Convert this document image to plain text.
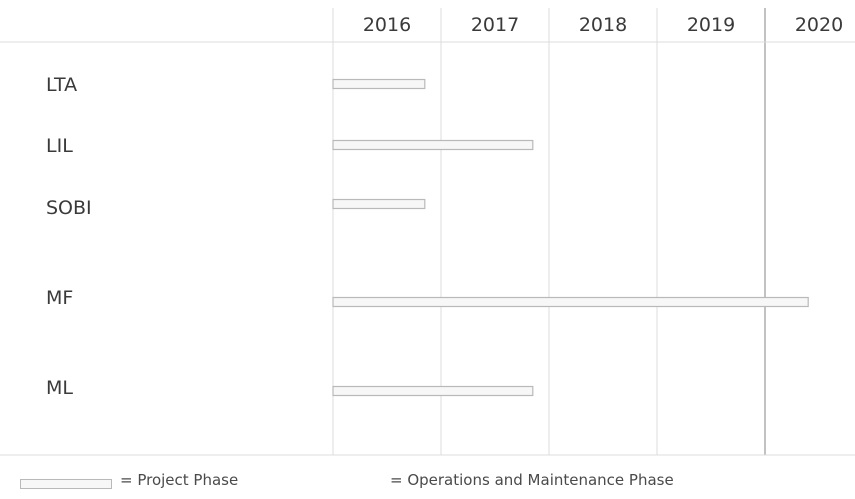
2016	2017	2018	2019	2020
LTA
LIL
SOBI
MF
ML
= Project Phase	= Operations and Maintenance Phase
